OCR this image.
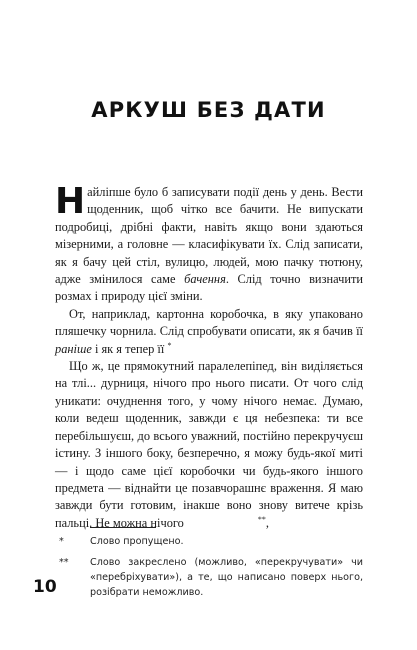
АРКУШ БЕЗ ДАТИ

Найліпше було б записувати події день у день. Вести щоденник, щоб чітко все бачити. Не випускати подробиці, дрібні факти, навіть якщо вони здаються мізерними, а головне — класифікувати їх. Слід записати, як я бачу цей стіл, вулицю, людей, мою пачку тютюну, адже змінилося саме бачення. Слід точно визначити розмах і природу цієї зміни.

От, наприклад, картонна коробочка, в яку упаковано пляшечку чорнила. Слід спробувати описати, як я бачив її раніше і як я тепер її *

Що ж, це прямокутний паралелепіпед, він виділяється на тлі... дурниця, нічого про нього писати. От чого слід уникати: очуднення того, у чому нічого немає. Думаю, коли ведеш щоденник, завжди є ця небезпека: ти все перебільшуєш, до всього уважний, постійно перекручуєш істину. З іншого боку, безперечно, я можу будь-якої миті — і щодо саме цієї коробочки чи будь-якого іншого предмета — віднайти це позавчорашнє враження. Я маю завжди бути готовим, інакше воно знову витече крізь пальці. Не можна нічого	**,

*	Слово пропущено.
**	Слово закреслено (можливо, «перекручувати» чи «перебріхувати»), а те, що написано поверх нього, розібрати неможливо.
10
